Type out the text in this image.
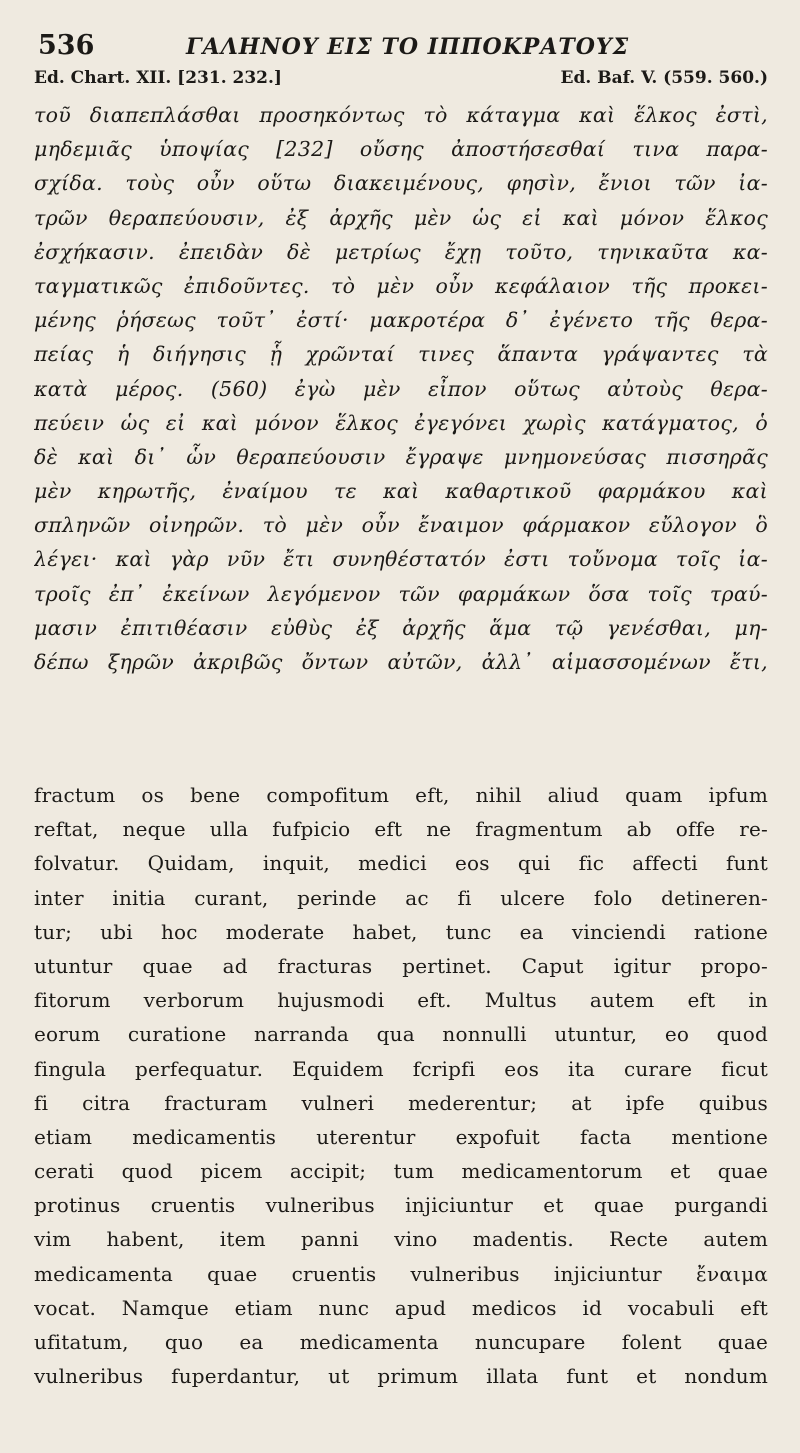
536	ΓΑΛΗΝΟΥ ΕΙΣ ΤΟ ΙΠΠΟΚΡΑΤΟΥΣ
Ed. Chart. XII. [231. 232.]	Ed. Baf. V. (559. 560.)
τοῦ διαπεπλάσθαι προσηκόντως τὸ κάταγμα καὶ ἕλκος ἐστὶ,
μηδεμιᾶς ὑποψίας [232] οὔσης ἀποστήσεσθαί τινα παρα-
σχίδα. τοὺς οὖν οὕτω διακειμένους, φησὶν, ἔνιοι τῶν ἰα-
τρῶν θεραπεύουσιν, ἐξ ἀρχῆς μὲν ὡς εἰ καὶ μόνον ἕλκος
ἐσχήκασιν. ἐπειδὰν δὲ μετρίως ἔχῃ τοῦτο, τηνικαῦτα κα-
ταγματικῶς ἐπιδοῦντες. τὸ μὲν οὖν κεφάλαιον τῆς προκει-
μένης ῥήσεως τοῦτ᾽ ἐστί· μακροτέρα δ᾽ ἐγένετο τῆς θερα-
πείας ἡ διήγησις ᾗ χρῶνταί τινες ἅπαντα γράψαντες τὰ
κατὰ μέρος. (560) ἐγὼ μὲν εἶπον οὕτως αὐτοὺς θερα-
πεύειν ὡς εἰ καὶ μόνον ἕλκος ἐγεγόνει χωρὶς κατάγματος, ὁ
δὲ καὶ δι᾽ ὧν θεραπεύουσιν ἔγραψε μνημονεύσας πισσηρᾶς
μὲν κηρωτῆς, ἐναίμου τε καὶ καθαρτικοῦ φαρμάκου καὶ
σπληνῶν οἰνηρῶν. τὸ μὲν οὖν ἔναιμον φάρμακον εὔλογον ὃ
λέγει· καὶ γὰρ νῦν ἔτι συνηθέστατόν ἐστι τοὔνομα τοῖς ἰα-
τροῖς ἐπ᾽ ἐκείνων λεγόμενον τῶν φαρμάκων ὅσα τοῖς τραύ-
μασιν ἐπιτιθέασιν εὐθὺς ἐξ ἀρχῆς ἅμα τῷ γενέσθαι, μη-
δέπω ξηρῶν ἀκριβῶς ὄντων αὐτῶν, ἀλλ᾽ αἱμασσομένων ἔτι,
fractum os bene compofitum eft, nihil aliud quam ipfum
reftat, neque ulla fufpicio eft ne fragmentum ab offe re-
folvatur. Quidam, inquit, medici eos qui fic affecti funt
inter initia curant, perinde ac fi ulcere folo detineren-
tur; ubi hoc moderate habet, tunc ea vinciendi ratione
utuntur quae ad fracturas pertinet. Caput igitur propo-
fitorum verborum hujusmodi eft. Multus autem eft in
eorum curatione narranda qua nonnulli utuntur, eo quod
fingula perfequatur. Equidem fcripfi eos ita curare ficut
fi citra fracturam vulneri mederentur; at ipfe quibus
etiam medicamentis uterentur expofuit facta mentione
cerati quod picem accipit; tum medicamentorum et quae
protinus cruentis vulneribus injiciuntur et quae purgandi
vim habent, item panni vino madentis. Recte autem
medicamenta quae cruentis vulneribus injiciuntur ἔναιμα
vocat. Namque etiam nunc apud medicos id vocabuli eft
ufitatum, quo ea medicamenta nuncupare folent quae
vulneribus fuperdantur, ut primum illata funt et nondum
